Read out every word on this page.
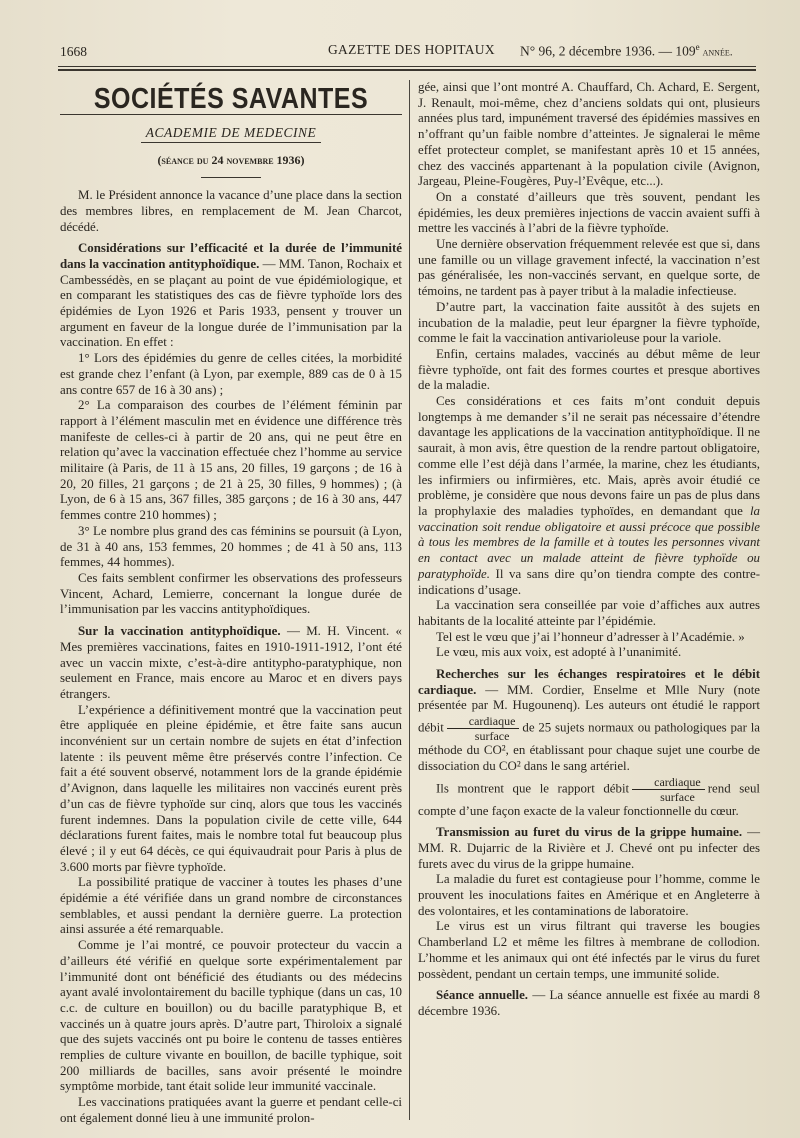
1668	GAZETTE DES HOPITAUX N° 96, 2 décembre 1936. — 109e année.
SOCIÉTÉS SAVANTES
ACADEMIE DE MEDECINE
(séance du 24 novembre 1936)

M. le Président annonce la vacance d’une place dans la section des membres libres, en remplacement de M. Jean Charcot, décédé.

Considérations sur l’efficacité et la durée de l’immunité dans la vaccination antityphoïdique. — MM. Tanon, Rochaix et Cambessédès, en se plaçant au point de vue épidémiologique, et en comparant les statistiques des cas de fièvre typhoïde lors des épidémies de Lyon 1926 et Paris 1933, pensent y trouver un argument en faveur de la longue durée de l’immunisation par la vaccination. En effet :

1° Lors des épidémies du genre de celles citées, la morbidité est grande chez l’enfant (à Lyon, par exemple, 889 cas de 0 à 15 ans contre 657 de 16 à 30 ans) ;

2° La comparaison des courbes de l’élément féminin par rapport à l’élément masculin met en évidence une différence très manifeste de celles-ci à partir de 20 ans, qui ne peut être en relation qu’avec la vaccination effectuée chez l’homme au service militaire (à Paris, de 11 à 15 ans, 20 filles, 19 garçons ; de 16 à 20, 20 filles, 21 garçons ; de 21 à 25, 30 filles, 9 hommes) ; (à Lyon, de 6 à 15 ans, 367 filles, 385 garçons ; de 16 à 30 ans, 447 femmes contre 210 hommes) ;

3° Le nombre plus grand des cas féminins se poursuit (à Lyon, de 31 à 40 ans, 153 femmes, 20 hommes ; de 41 à 50 ans, 113 femmes, 44 hommes).

Ces faits semblent confirmer les observations des professeurs Vincent, Achard, Lemierre, concernant la longue durée de l’immunisation par les vaccins antityphoïdiques.

Sur la vaccination antityphoïdique. — M. H. Vincent. « Mes premières vaccinations, faites en 1910-1911-1912, l’ont été avec un vaccin mixte, c’est-à-dire antitypho-paratyphique, non seulement en France, mais encore au Maroc et en divers pays étrangers.

L’expérience a définitivement montré que la vaccination peut être appliquée en pleine épidémie, et être faite sans aucun inconvénient sur un certain nombre de sujets en état d’infection latente : ils peuvent même être préservés contre l’infection. Ce fait a été souvent observé, notamment lors de la grande épidémie d’Avignon, dans laquelle les militaires non vaccinés eurent près d’un cas de fièvre typhoïde sur cinq, alors que tous les vaccinés furent indemnes. Dans la population civile de cette ville, 644 déclarations furent faites, mais le nombre total fut beaucoup plus élevé ; il y eut 64 décès, ce qui équivaudrait pour Paris à plus de 3.600 morts par fièvre typhoïde.

La possibilité pratique de vacciner à toutes les phases d’une épidémie a été vérifiée dans un grand nombre de circonstances semblables, et aussi pendant la dernière guerre. La protection ainsi assurée a été remarquable.

Comme je l’ai montré, ce pouvoir protecteur du vaccin a d’ailleurs été vérifié en quelque sorte expérimentalement par l’immunité dont ont bénéficié des étudiants ou des médecins ayant avalé involontairement du bacille typhique (dans un cas, 10 c.c. de culture en bouillon) ou du bacille paratyphique B, et vaccinés un à quatre jours après. D’autre part, Thiroloix a signalé que des sujets vaccinés ont pu boire le contenu de tasses entières remplies de culture vivante en bouillon, de bacille typhique, soit 200 milliards de bacilles, sans avoir présenté le moindre symptôme morbide, tant était solide leur immunité vaccinale.

Les vaccinations pratiquées avant la guerre et pendant celle-ci ont également donné lieu à une immunité prolon-

gée, ainsi que l’ont montré A. Chauffard, Ch. Achard, E. Sergent, J. Renault, moi-même, chez d’anciens soldats qui ont, plusieurs années plus tard, impunément traversé des épidémies massives en n’offrant qu’un faible nombre d’atteintes. Je signalerai le même effet protecteur complet, se manifestant après 10 et 15 années, chez des vaccinés appartenant à la population civile (Avignon, Jargeau, Pleine-Fougères, Puy-l’Evêque, etc...).

On a constaté d’ailleurs que très souvent, pendant les épidémies, les deux premières injections de vaccin avaient suffi à mettre les vaccinés à l’abri de la fièvre typhoïde.

Une dernière observation fréquemment relevée est que si, dans une famille ou un village gravement infecté, la vaccination n’est pas généralisée, les non-vaccinés servant, en quelque sorte, de témoins, ne tardent pas à payer tribut à la maladie infectieuse.

D’autre part, la vaccination faite aussitôt à des sujets en incubation de la maladie, peut leur épargner la fièvre typhoïde, comme le fait la vaccination antivarioleuse pour la variole.

Enfin, certains malades, vaccinés au début même de leur fièvre typhoïde, ont fait des formes courtes et presque abortives de la maladie.

Ces considérations et ces faits m’ont conduit depuis longtemps à me demander s’il ne serait pas nécessaire d’étendre davantage les applications de la vaccination antityphoïdique. Il ne saurait, à mon avis, être question de la rendre partout obligatoire, comme elle l’est déjà dans l’armée, la marine, chez les étudiants, les infirmiers ou infirmières, etc. Mais, après avoir étudié ce problème, je considère que nous devons faire un pas de plus dans la prophylaxie des maladies typhoïdes, en demandant que la vaccination soit rendue obligatoire et aussi précoce que possible à tous les membres de la famille et à toutes les personnes vivant en contact avec un malade atteint de fièvre typhoïde ou paratyphoïde. Il va sans dire qu’on tiendra compte des contre-indications d’usage.

La vaccination sera conseillée par voie d’affiches aux autres habitants de la localité atteinte par l’épidémie.

Tel est le vœu que j’ai l’honneur d’adresser à l’Académie. »

Le vœu, mis aux voix, est adopté à l’unanimité.

Recherches sur les échanges respiratoires et le débit cardiaque. — MM. Cordier, Enselme et Mlle Nury (note présentée par M. Hugounenq). Les auteurs ont étudié le rapport débit $\frac{\text{cardiaque}}{\text{surface}}$ de 25 sujets normaux ou pathologiques par la méthode du CO², en établissant pour chaque sujet une courbe de dissociation du CO² dans le sang artériel.

Ils montrent que le rapport débit $\frac{\text{cardiaque}}{\text{surface}}$ rend seul compte d’une façon exacte de la valeur fonctionnelle du cœur.

Transmission au furet du virus de la grippe humaine. — MM. R. Dujarric de la Rivière et J. Chevé ont pu infecter des furets avec du virus de la grippe humaine.

La maladie du furet est contagieuse pour l’homme, comme le prouvent les inoculations faites en Amérique et en Angleterre à des volontaires, et les contaminations de laboratoire.

Le virus est un virus filtrant qui traverse les bougies Chamberland L2 et même les filtres à membrane de collodion. L’homme et les animaux qui ont été infectés par le virus du furet possèdent, pendant un certain temps, une immunité solide.

Séance annuelle. — La séance annuelle est fixée au mardi 8 décembre 1936.
